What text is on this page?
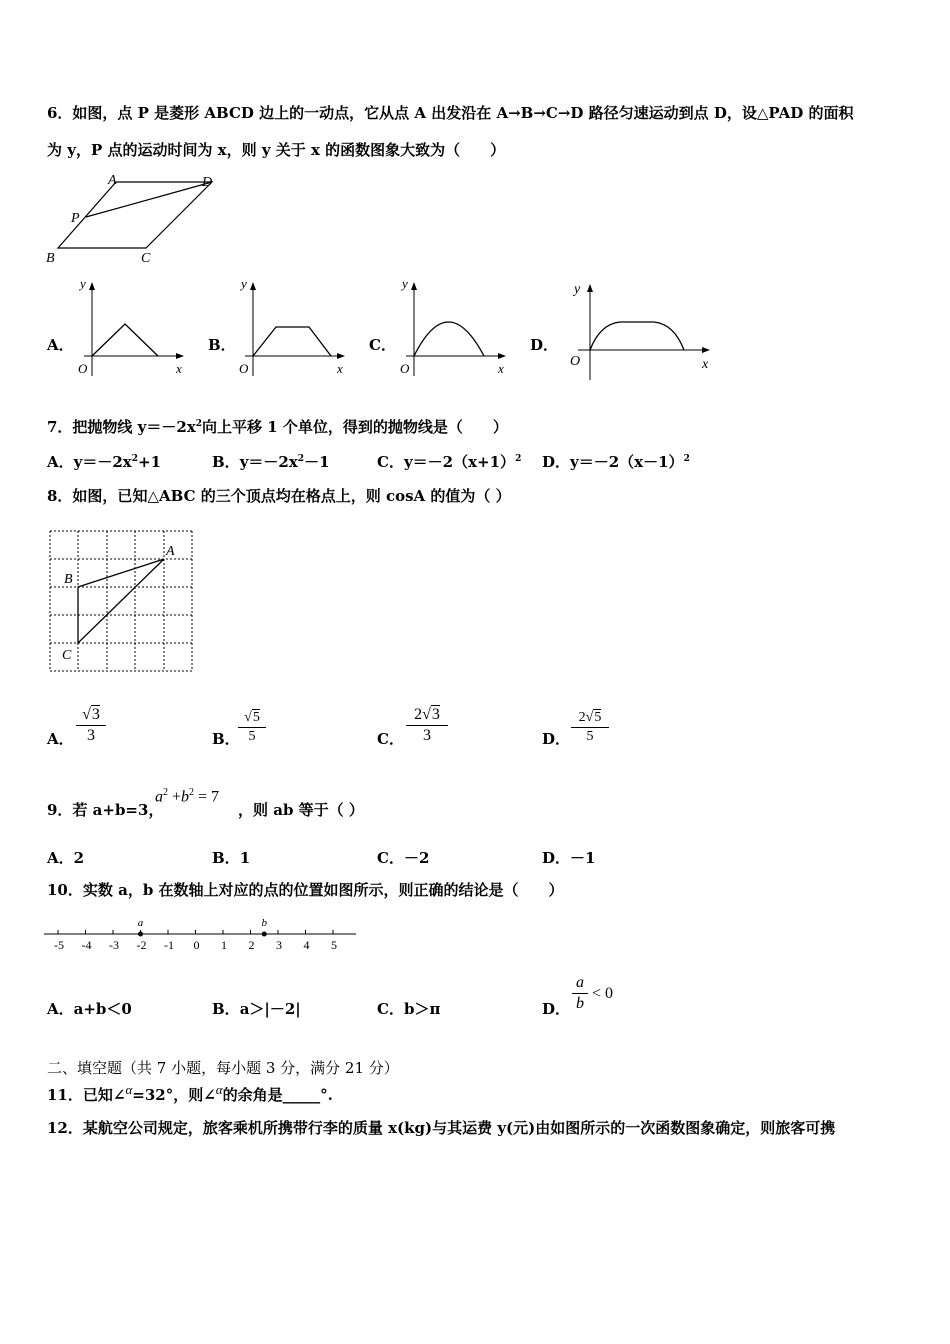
6．如图，点 P 是菱形 ABCD 边上的一动点，它从点 A 出发沿在 A→B→C→D 路径匀速运动到点 D，设△PAD 的面积
为 y，P 点的运动时间为 x，则 y 关于 x 的函数图象大致为（　　）
A	D
P
B	C
A．
y
x
O
B．
y
x
O
C．
y
x
O
D．
y
x
O
7．把抛物线 $y=-2x^2$向上平移 1 个单位，得到的抛物线是（　　）
A．$y=-2x^2+1$	B．$y=-2x^2-1$	C．$y=-2(x+1)^2$ D．$y=-2(x-1)^2$
8．如图，已知△ABC 的三个顶点均在格点上，则 cosA 的值为（ ）
A
B
C
A．
√3
3	B．
√5
5	C．
2√3
3	D．
2√5
5
9．若 a+b=3，
$a^2 +b^2 = 7$
，则 ab 等于（ ）
A．2	B．1	C．－2	D．－1
10．实数 a，b 在数轴上对应的点的位置如图所示，则正确的结论是（　　）
-5 -4 -3 -2 -1 0 1 2 3 4 5
a	b
A．a+b＜0	B．a＞|－2|	C．b＞π	D．
a
b
< 0
二、填空题（共 7 小题，每小题 3 分，满分 21 分）
11．已知∠$^\alpha$=32°，则∠$^\alpha$的余角是_____°.
12．某航空公司规定，旅客乘机所携带行李的质量 x(kg)与其运费 y(元)由如图所示的一次函数图象确定，则旅客可携
